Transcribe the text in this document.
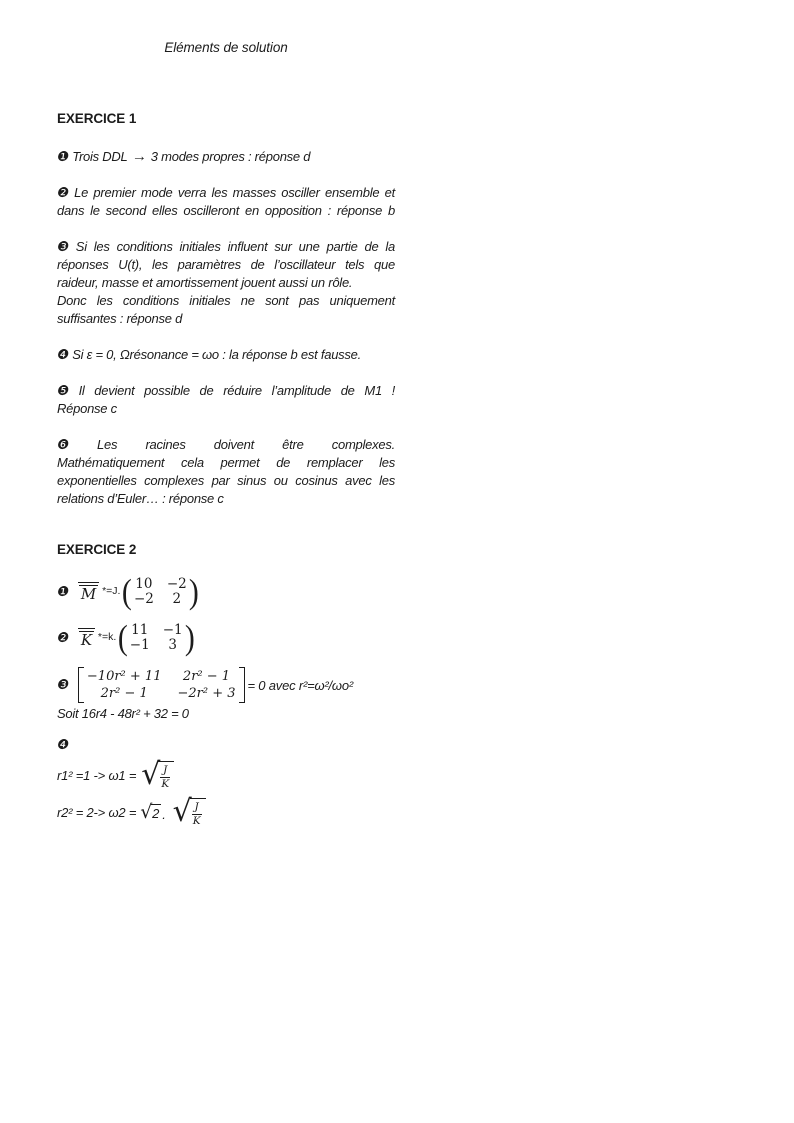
Eléments de solution
EXERCICE 1
❶ Trois DDL → 3 modes propres : réponse d
❷ Le premier mode verra les masses osciller ensemble et
dans le second elles oscilleront en opposition : réponse b
❸ Si les conditions initiales influent sur une partie de la
réponses U(t), les paramètres de l’oscillateur tels que
raideur, masse et amortissement jouent aussi un rôle.
Donc les conditions initiales ne sont pas uniquement
suffisantes : réponse d
❹ Si ε = 0, Ωrésonance = ωo : la réponse b est fausse.
❺ Il devient possible de réduire l’amplitude de M1 !
Réponse c
❻ Les racines doivent être complexes.
Mathématiquement cela permet de remplacer les
exponentielles complexes par sinus ou cosinus avec les
relations d’Euler… : réponse c
EXERCICE 2
❶ M *=J. ( 10 −2
−2 2 )
❷ K *=k. ( 11 −1
−1 3 )
❸
−10r² + 11 2r² − 1
2r² − 1 −2r² + 3
= 0 avec r²=ω²/ωo²
Soit 16r4 - 48r² + 32 = 0
❹
r1² =1 -> ω1 = √ $\frac{J}{K}$
r2² = 2-> ω2 = √ 2 . √ $\frac{J}{K}$
